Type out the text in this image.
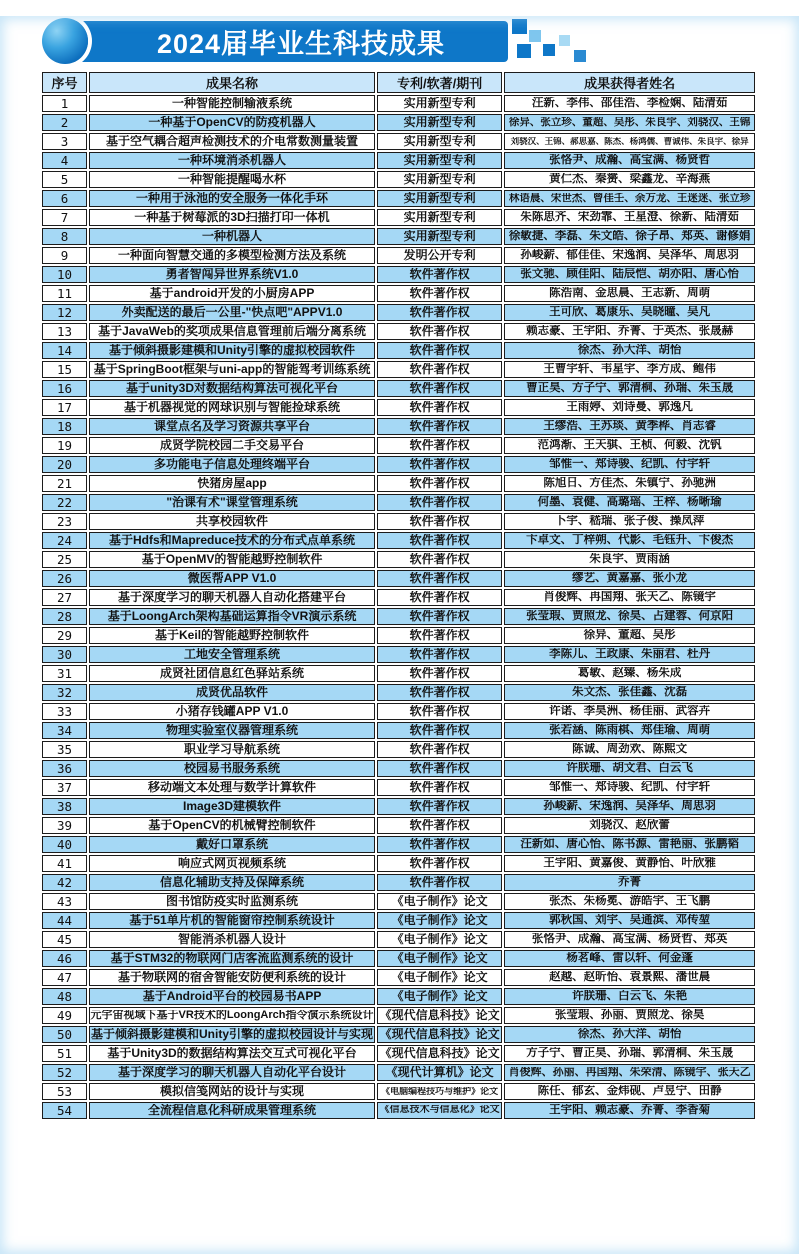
2024届毕业生科技成果
序号	成果名称	专利/软著/期刊	成果获得者姓名

1	一种智能控制输液系统	实用新型专利	汪新、李伟、邵佳浩、李检娴、陆清茹

2	一种基于OpenCV的防疫机器人	实用新型专利	徐异、张立珍、董超、吴彤、朱良宇、刘骁汉、王锦

3	基于空气耦合超声检测技术的介电常数测量装置	实用新型专利	刘骁汉、王锦、郝思嘉、陈杰、杨鸿儒、曹诚伟、朱良宇、徐异

4	一种环境消杀机器人	实用新型专利	张恪尹、成瀚、高宝满、杨贤哲

5	一种智能提醒喝水杯	实用新型专利	黄仁杰、秦赟、梁鑫龙、辛海燕

6	一种用于泳池的安全服务一体化手环	实用新型专利	林语晨、宋世杰、曾佳壬、余万龙、王迷迷、张立珍

7	一种基于树莓派的3D扫描打印一体机	实用新型专利	朱陈思齐、宋劲霏、王星澄、徐新、陆清茹

8	一种机器人	实用新型专利	徐敏捷、李磊、朱文皓、徐子昂、郑英、谢修娟

9	一种面向智慧交通的多模型检测方法及系统	发明公开专利	孙峻薪、郁佳佳、宋逸润、吴泽华、周思羽

10	勇者智闯异世界系统V1.0	软件著作权	张文驰、顾佳阳、陆辰恺、胡亦阳、唐心怡

11	基于android开发的小厨房APP	软件著作权	陈浩南、金思晨、王志新、周萌

12	外卖配送的最后一公里-"快点吧"APPV1.0	软件著作权	王可欣、葛康乐、吴晓曈、吴凡

13	基于JavaWeb的奖项成果信息管理前后端分离系统	软件著作权	赖志豪、王宇阳、乔菁、于英杰、张晟赫

14	基于倾斜摄影建模和Unity引擎的虚拟校园软件	软件著作权	徐杰、孙大洋、胡怡

15	基于SpringBoot框架与uni-app的智能驾考训练系统	软件著作权	王曹宇轩、韦星宇、李方成、鲍伟

16	基于unity3D对数据结构算法可视化平台	软件著作权	曹正昊、方子宁、郭清桐、孙瑞、朱玉晟

17	基于机器视觉的网球识别与智能捡球系统	软件著作权	王雨婷、刘诗曼、郭逸凡

18	课堂点名及学习资源共享平台	软件著作权	王缪浩、王苏琰、黄季桦、肖志睿

19	成贤学院校园二手交易平台	软件著作权	范鸿渐、王天骐、王桢、何毅、沈钒

20	多功能电子信息处理终端平台	软件著作权	邹惟一、郑诗骏、纪凯、付宇轩

21	快猪房屋app	软件著作权	陈旭日、方佳杰、朱镇宁、孙驰洲

22	"治课有术"课堂管理系统	软件著作权	何墨、袁健、高璐瑶、王梓、杨晰瑜

23	共享校园软件	软件著作权	卜宇、嵇瑞、张子俊、操凤萍

24	基于Hdfs和Mapreduce技术的分布式点单系统	软件著作权	卞卓文、丁梓朔、代影、毛钰升、卞俊杰

25	基于OpenMV的智能越野控制软件	软件著作权	朱良宇、贾雨涵

26	微医帮APP V1.0	软件著作权	缪艺、黄嘉嘉、张小龙

27	基于深度学习的聊天机器人自动化搭建平台	软件著作权	肖俊辉、冉国翔、张天乙、陈镜宇

28	基于LoongArch架构基础运算指令VR演示系统	软件著作权	张莹瑕、贾照龙、徐昊、占建蓉、何京阳

29	基于Keil的智能越野控制软件	软件著作权	徐异、董超、吴彤

30	工地安全管理系统	软件著作权	李陈儿、王政康、朱丽君、杜丹

31	成贤社团信息红色驿站系统	软件著作权	葛敏、赵臻、杨朱成

32	成贤优品软件	软件著作权	朱文杰、张佳鑫、沈磊

33	小猪存钱罐APP V1.0	软件著作权	许诺、李昊洲、杨佳丽、武容卉

34	物理实验室仪器管理系统	软件著作权	张若涵、陈雨棋、郑佳瑜、周萌

35	职业学习导航系统	软件著作权	陈诚、周劲欢、陈熙文

36	校园易书服务系统	软件著作权	许朕珊、胡文君、白云飞

37	移动端文本处理与数学计算软件	软件著作权	邹惟一、郑诗骏、纪凯、付宇轩

38	Image3D建模软件	软件著作权	孙峻薪、宋逸润、吴泽华、周思羽

39	基于OpenCV的机械臂控制软件	软件著作权	刘骁汉、赵欣蕾

40	戴好口罩系统	软件著作权	汪新如、唐心怡、陈书源、雷艳丽、张鹏韬

41	响应式网页视频系统	软件著作权	王宇阳、黄嘉俊、黄静怡、叶欣雅

42	信息化辅助支持及保障系统	软件著作权	乔菁

43	图书馆防疫实时监测系统	《电子制作》论文	张杰、朱杨冕、游皓宇、王飞鹏

44	基于51单片机的智能窗帘控制系统设计	《电子制作》论文	郭秋国、刘宇、吴通滨、邓传堃

45	智能消杀机器人设计	《电子制作》论文	张恪尹、成瀚、高宝满、杨贤哲、郑英

46	基于STM32的物联网门店客流监测系统的设计	《电子制作》论文	杨茗峰、雷以轩、何金蓬

47	基于物联网的宿舍智能安防便利系统的设计	《电子制作》论文	赵越、赵昕怡、袁景熙、潘世晨

48	基于Android平台的校园易书APP	《电子制作》论文	许朕珊、白云飞、朱艳

49	元宇宙视域下基于VR技术的LoongArch指令演示系统设计	《现代信息科技》论文	张莹瑕、孙丽、贾照龙、徐昊

50	基于倾斜摄影建模和Unity引擎的虚拟校园设计与实现	《现代信息科技》论文	徐杰、孙大洋、胡怡

51	基于Unity3D的数据结构算法交互式可视化平台	《现代信息科技》论文	方子宁、曹正昊、孙瑞、郭清桐、朱玉晟

52	基于深度学习的聊天机器人自动化平台设计	《现代计算机》论文	肖俊辉、孙丽、冉国翔、朱荣清、陈镜宇、张天乙

53	模拟信笺网站的设计与实现	《电脑编程技巧与维护》论文	陈任、郁玄、金炜砚、卢昱宁、田静

54	全流程信息化科研成果管理系统	《信息技术与信息化》论文	王宇阳、赖志豪、乔菁、李香菊
